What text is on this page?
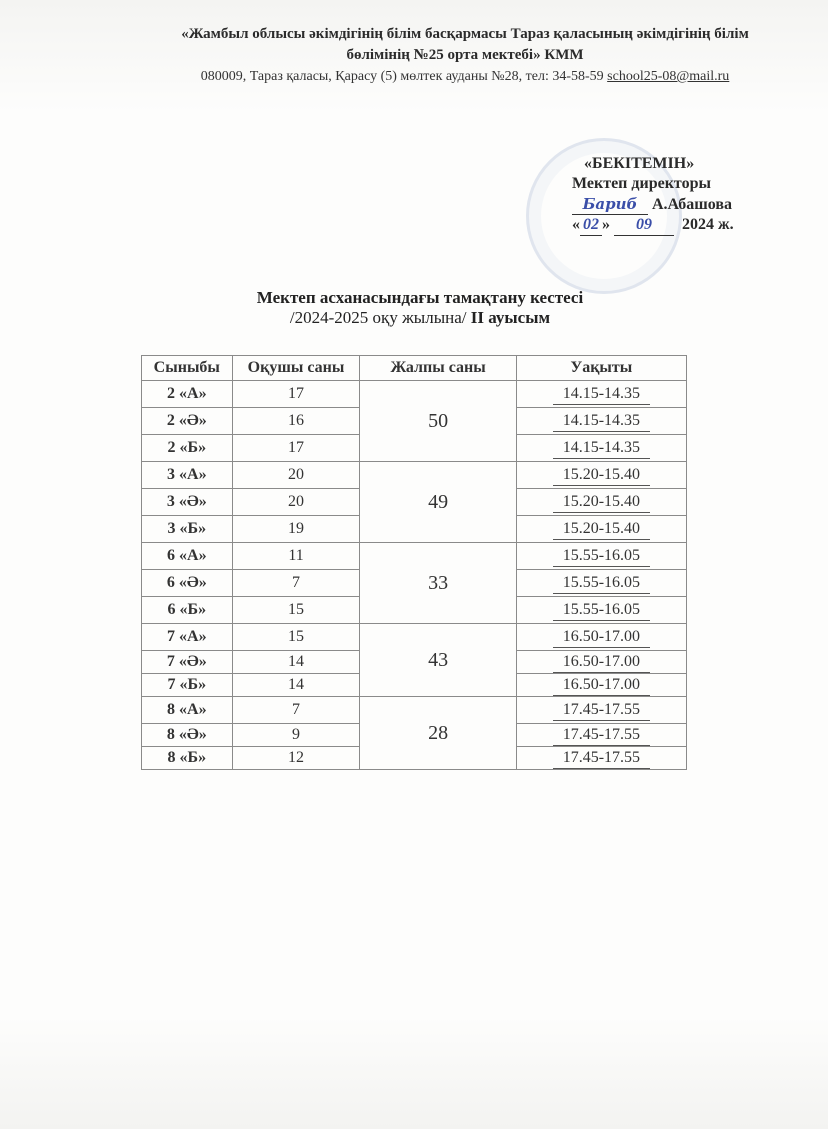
«Жамбыл облысы әкімдігінің білім басқармасы Тараз қаласының әкімдігінің білім
бөлімінің №25 орта мектебі» КММ
080009, Тараз қаласы, Қарасу (5) мөлтек ауданы №28, тел: 34-58-59 school25-08@mail.ru
«БЕКІТЕМІН»
Мектеп директоры
Бариб А.Абашова
« 02 » 09 2024 ж.
Мектеп асханасындағы тамақтану кестесі
/2024-2025 оқу жылына/ II ауысым
Сыныбы	Оқушы саны	Жалпы саны	Уақыты
2 «А»	17	50	14.15-14.35
2 «Ә»	16		14.15-14.35
2 «Б»	17		14.15-14.35
3 «А»	20	49	15.20-15.40
3 «Ә»	20		15.20-15.40
3 «Б»	19		15.20-15.40
6 «А»	11	33	15.55-16.05
6 «Ә»	7		15.55-16.05
6 «Б»	15		15.55-16.05
7 «А»	15	43	16.50-17.00
7 «Ә»	14		16.50-17.00
7 «Б»	14		16.50-17.00
8 «А»	7	28	17.45-17.55
8 «Ә»	9		17.45-17.55
8 «Б»	12		17.45-17.55
